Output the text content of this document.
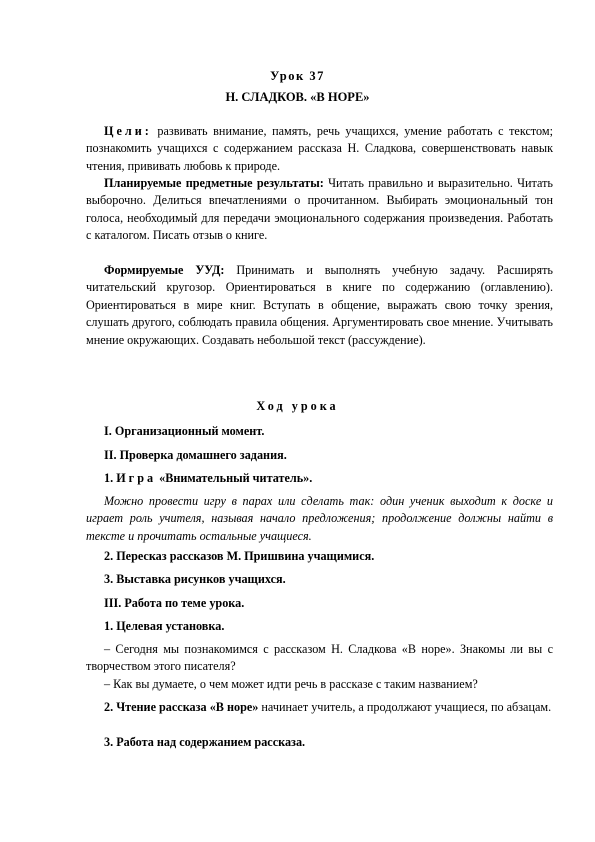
Урок 37
Н. СЛАДКОВ. «В НОРЕ»
Цели: развивать внимание, память, речь учащихся, умение работать с текстом; познакомить учащихся с содержанием рассказа Н. Сладкова, совершенствовать навык чтения, прививать любовь к природе.
Планируемые предметные результаты: Читать правильно и выразительно. Читать выборочно. Делиться впечатлениями о прочитанном. Выбирать эмоциональный тон голоса, необходимый для передачи эмоционального содержания произведения. Работать с каталогом. Писать отзыв о книге.
Формируемые УУД: Принимать и выполнять учебную задачу. Расширять читательский кругозор. Ориентироваться в книге по содержанию (оглавлению). Ориентироваться в мире книг. Вступать в общение, выражать свою точку зрения, слушать другого, соблюдать правила общения. Аргументировать свое мнение. Учитывать мнение окружающих. Создавать небольшой текст (рассуждение).
Ход урока
I. Организационный момент.
II. Проверка домашнего задания.
1. Игра «Внимательный читатель».
Можно провести игру в парах или сделать так: один ученик выходит к доске и играет роль учителя, называя начало предложения; продолжение должны найти в тексте и прочитать остальные учащиеся.
2. Пересказ рассказов М. Пришвина учащимися.
3. Выставка рисунков учащихся.
III. Работа по теме урока.
1. Целевая установка.
– Сегодня мы познакомимся с рассказом Н. Сладкова «В норе». Знакомы ли вы с творчеством этого писателя?
– Как вы думаете, о чем может идти речь в рассказе с таким названием?
2. Чтение рассказа «В норе» начинает учитель, а продолжают учащиеся, по абзацам.
3. Работа над содержанием рассказа.
